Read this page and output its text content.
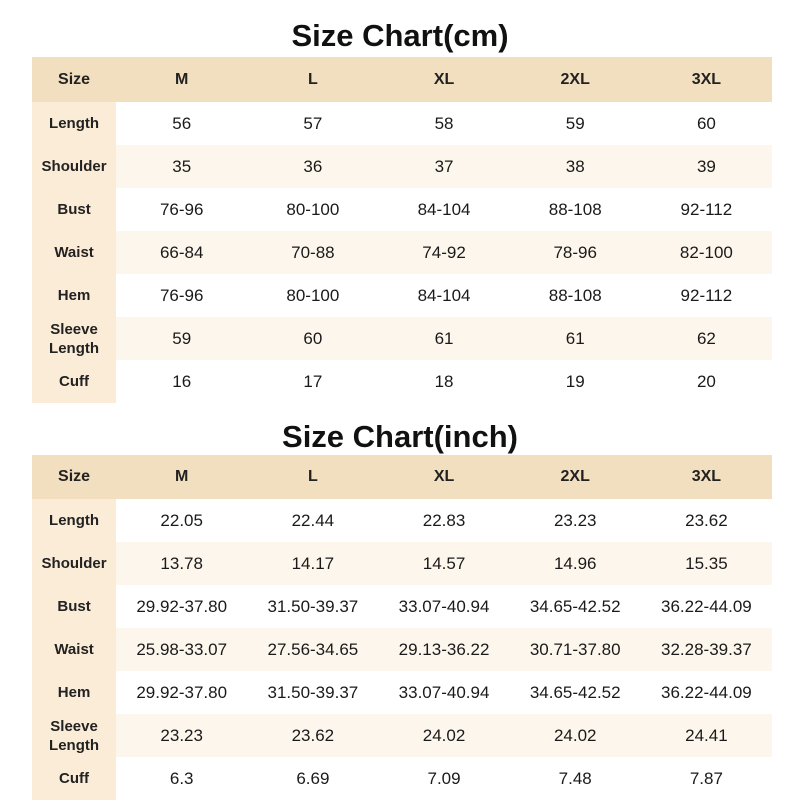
Size Chart(cm)
Size	M	L	XL	2XL	3XL
Length	56	57	58	59	60
Shoulder	35	36	37	38	39
Bust	76-96	80-100	84-104	88-108	92-112
Waist	66-84	70-88	74-92	78-96	82-100
Hem	76-96	80-100	84-104	88-108	92-112
Sleeve Length	59	60	61	61	62
Cuff	16	17	18	19	20
Size Chart(inch)
Size	M	L	XL	2XL	3XL
Length	22.05	22.44	22.83	23.23	23.62
Shoulder	13.78	14.17	14.57	14.96	15.35
Bust	29.92-37.80	31.50-39.37	33.07-40.94	34.65-42.52	36.22-44.09
Waist	25.98-33.07	27.56-34.65	29.13-36.22	30.71-37.80	32.28-39.37
Hem	29.92-37.80	31.50-39.37	33.07-40.94	34.65-42.52	36.22-44.09
Sleeve Length	23.23	23.62	24.02	24.02	24.41
Cuff	6.3	6.69	7.09	7.48	7.87
